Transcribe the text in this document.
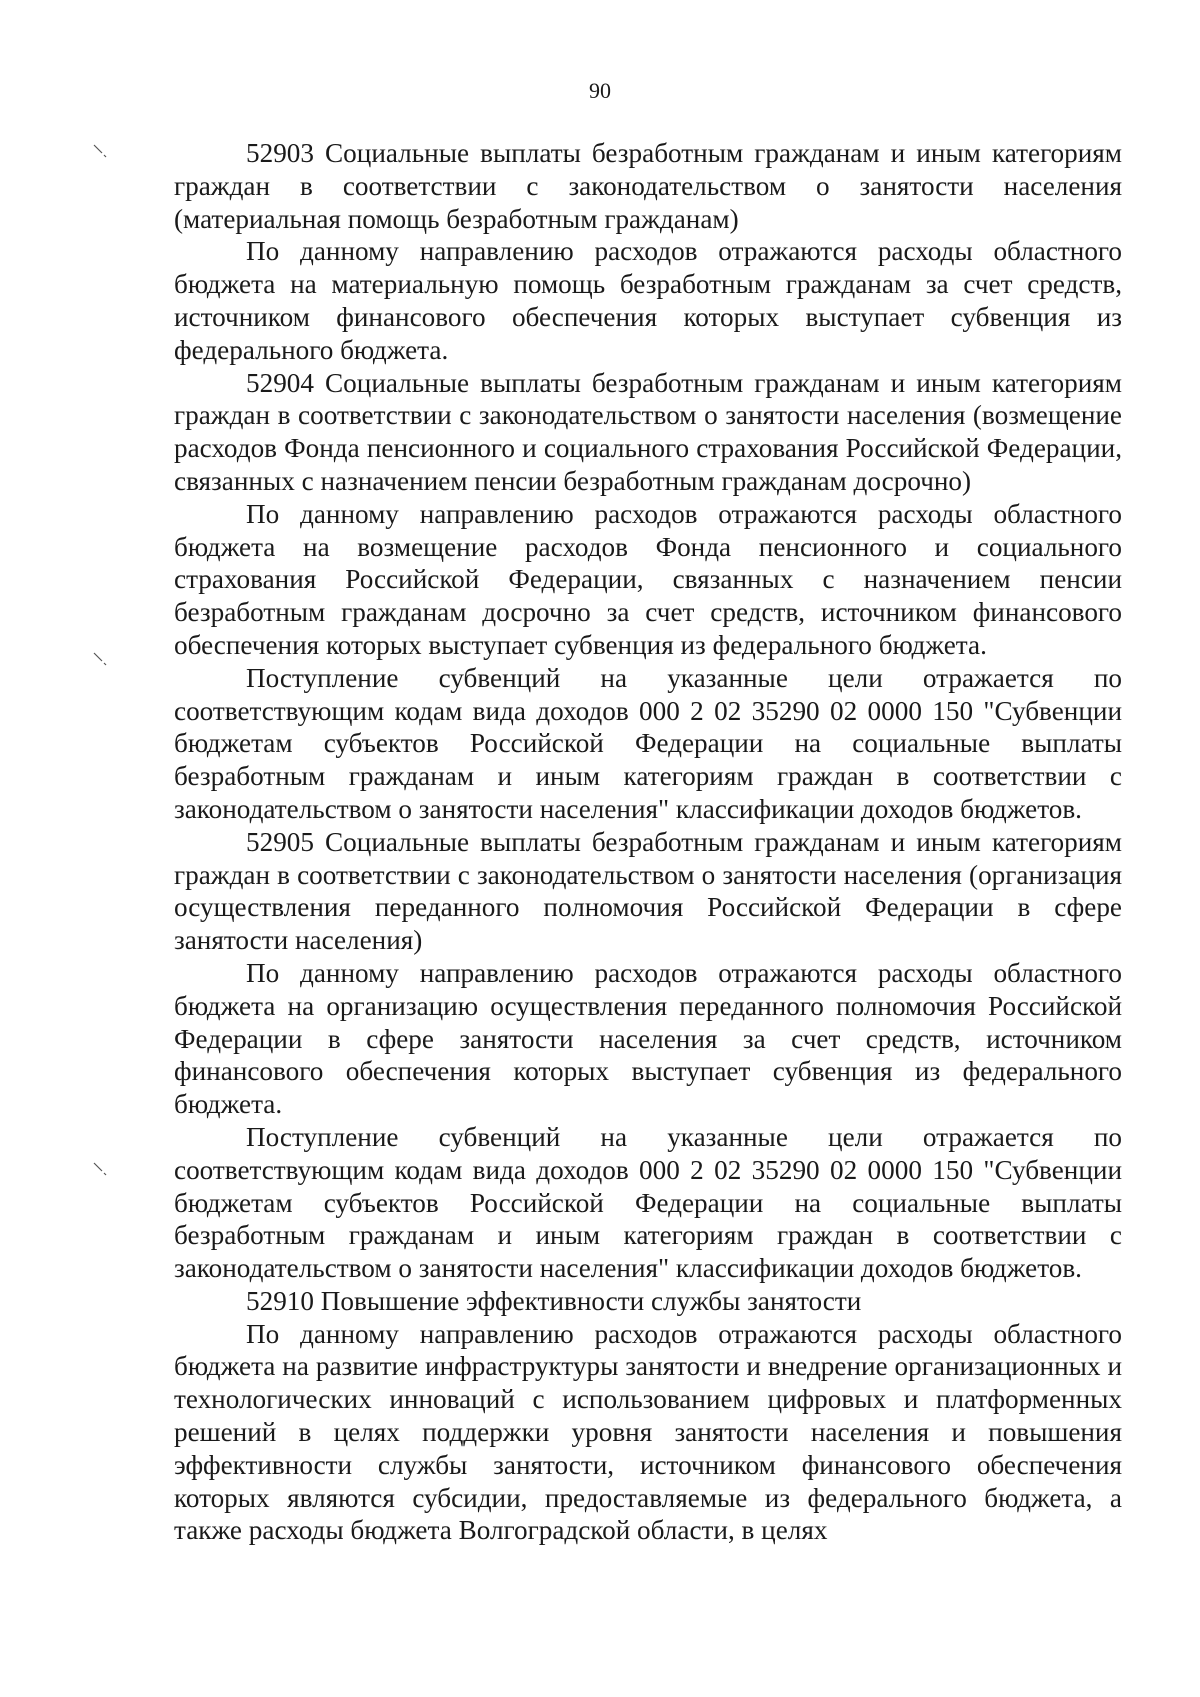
90

52903 Социальные выплаты безработным гражданам и иным категориям граждан в соответствии с законодательством о занятости населения (материальная помощь безработным гражданам)

По данному направлению расходов отражаются расходы областного бюджета на материальную помощь безработным гражданам за счет средств, источником финансового обеспечения которых выступает субвенция из федерального бюджета.

52904 Социальные выплаты безработным гражданам и иным категориям граждан в соответствии с законодательством о занятости населения (возмещение расходов Фонда пенсионного и социального страхования Российской Федерации, связанных с назначением пенсии безработным гражданам досрочно)

По данному направлению расходов отражаются расходы областного бюджета на возмещение расходов Фонда пенсионного и социального страхования Российской Федерации, связанных с назначением пенсии безработным гражданам досрочно за счет средств, источником финансового обеспечения которых выступает субвенция из федерального бюджета.

Поступление субвенций на указанные цели отражается по соответствующим кодам вида доходов 000 2 02 35290 02 0000 150 "Субвенции бюджетам субъектов Российской Федерации на социальные выплаты безработным гражданам и иным категориям граждан в соответствии с законодательством о занятости населения" классификации доходов бюджетов.

52905 Социальные выплаты безработным гражданам и иным категориям граждан в соответствии с законодательством о занятости населения (организация осуществления переданного полномочия Российской Федерации в сфере занятости населения)

По данному направлению расходов отражаются расходы областного бюджета на организацию осуществления переданного полномочия Российской Федерации в сфере занятости населения за счет средств, источником финансового обеспечения которых выступает субвенция из федерального бюджета.

Поступление субвенций на указанные цели отражается по соответствующим кодам вида доходов 000 2 02 35290 02 0000 150 "Субвенции бюджетам субъектов Российской Федерации на социальные выплаты безработным гражданам и иным категориям граждан в соответствии с законодательством о занятости населения" классификации доходов бюджетов.

52910 Повышение эффективности службы занятости

По данному направлению расходов отражаются расходы областного бюджета на развитие инфраструктуры занятости и внедрение организационных и технологических инноваций с использованием цифровых и платформенных решений в целях поддержки уровня занятости населения и повышения эффективности службы занятости, источником финансового обеспечения которых являются субсидии, предоставляемые из федерального бюджета, а также расходы бюджета Волгоградской области, в целях
